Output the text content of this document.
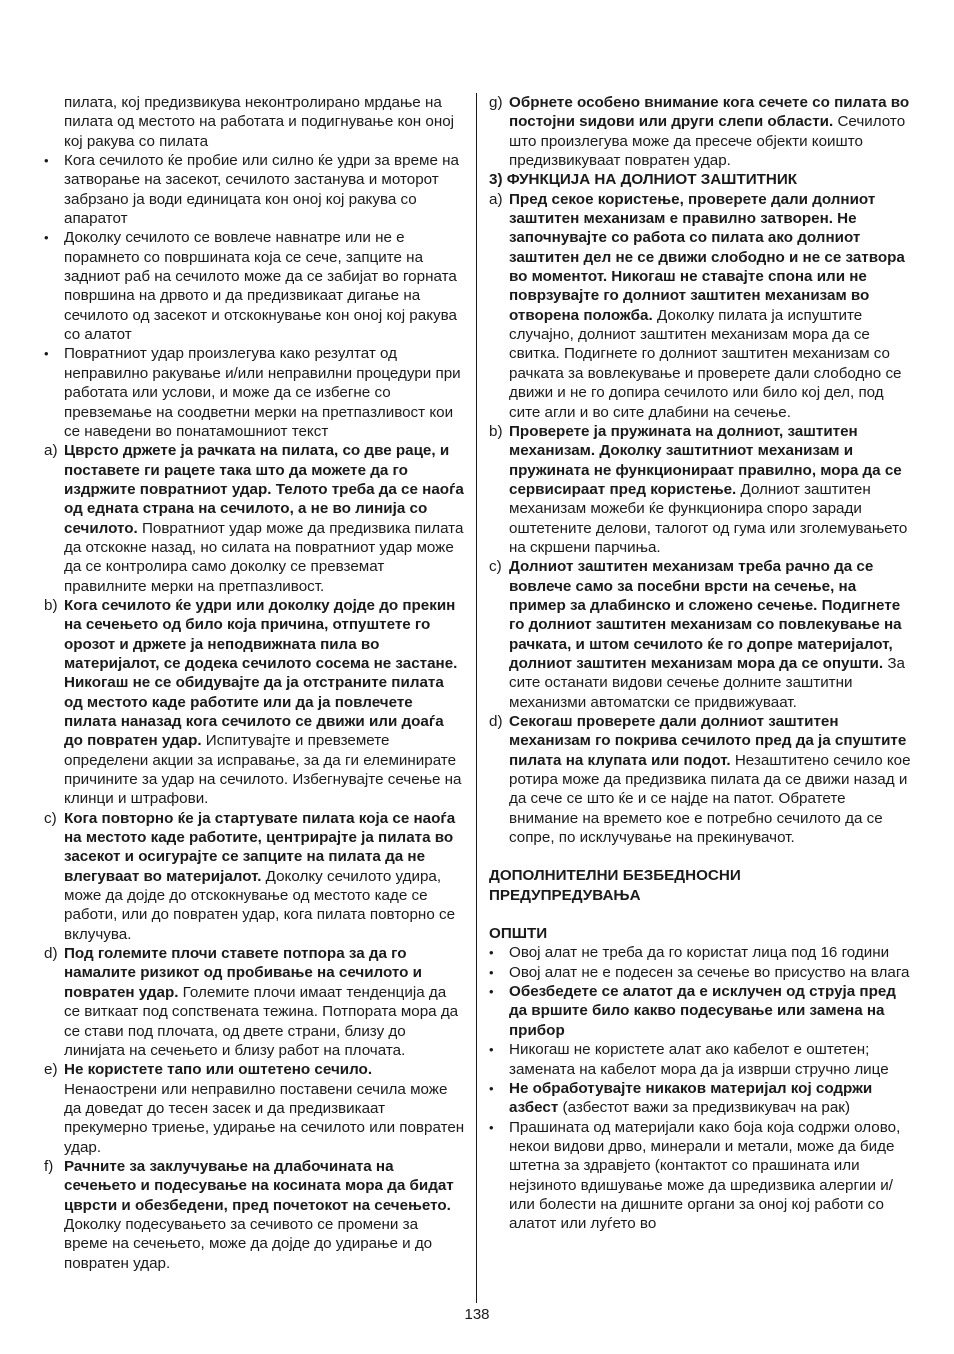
пилата, кој предизвикува неконтролирано мрдање на пилата од местото на работата и подигнување кон оној кој ракува со пилата

•	Кога сечилото ќе пробие или силно ќе удри за време на затворање на засекот, сечилото застанува и моторот забрзано ја води единицата кон оној кој ракува со апаратот
•	Доколку сечилото се вовлече навнатре или не е порамнето со површината која се сече, запците на задниот раб на сечилото може да се забијат во горната површина на дрвото и да предизвикаат дигање на сечилото од засекот и отскокнување кон оној кој ракува со алатот
•	Повратниот удар произлегува како резултат од неправилно ракување и/или неправилни процедури при работата или услови, и може да се избегне со превземање на соодветни мерки на претпазливост кои се наведени во понатамошниот текст
a) Цврсто држете ја рачката на пилата, со две раце, и поставете ги рацете така што да можете да го издржите повратниот удар. Телото треба да се наоѓа од едната страна на сечилото, а не во линија со сечилото. Повратниот удар може да предизвика пилата да отскокне назад, но силата на повратниот удар може да се контролира само доколку се превземат правилните мерки на претпазливост.
b) Кога сечилото ќе удри или доколку дојде до прекин на сечењето од било која причина, отпуштете го орозот и држете ја неподвижната пила во материјалот, се додека сечилото сосема не застане. Никогаш не се обидувајте да ја отстраните пилата од местото каде работите или да ја повлечете пилата наназад кога сечилото се движи или доаѓа до повратен удар. Испитувајте и превземете определени акции за исправање, за да ги елеминирате причините за удар на сечилото. Избегнувајте сечење на клинци и штрафови.
c) Кога повторно ќе ја стартувате пилата која се наоѓа на местото каде работите, центрирајте ја пилата во засекот и осигурајте се запците на пилата да не влегуваат во материјалот. Доколку сечилото удира, може да дојде до отскокнување од местото каде се работи, или до повратен удар, кога пилата повторно се вклучува.
d) Под големите плочи ставете потпора за да го намалите ризикот од пробивање на сечилото и повратен удар. Големите плочи имаат тенденција да се виткаат под сопствената тежина. Потпората мора да се стави под плочата, од двете страни, близу до линијата на сечењето и близу работ на плочата.
e) Не користете тапо или оштетено сечило. Ненаострени или неправилно поставени сечила може да доведат до тесен засек и да предизвикаат прекумерно триење, удирање на сечилото или повратен удар.
f) Рачните за заклучување на длабочината на сечењето и подесување на косината мора да бидат цврсти и обезбедени, пред почетокот на сечењето. Доколку подесувањето за сечивото се промени за време на сечењето, може да дојде до удирање и до повратен удар.
g) Обрнете особено внимание кога сечете со пилата во постојни ѕидови или други слепи области. Сечилото што произлегува може да пресече објекти коишто предизвикуваат повратен удар.

3) ФУНКЦИЈА НА ДОЛНИОТ ЗАШТИТНИК

a) Пред секое користење, проверете дали долниот заштитен механизам е правилно затворен. Не започнувајте со работа со пилата ако долниот заштитен дел не се движи слободно и не се затвора во моментот. Никогаш не ставајте спона или не поврзувајте го долниот заштитен механизам во отворена положба. Доколку пилата ја испуштите случајно, долниот заштитен механизам мора да се свитка. Подигнете го долниот заштитен механизам со рачката за вовлекување и проверете дали слободно се движи и не го допира сечилото или било кој дел, под сите агли и во сите длабини на сечење.
b) Проверете ја пружината на долниот, заштитен механизам. Доколку заштитниот механизам и пружината не функционираат правилно, мора да се сервисираат пред користење. Долниот заштитен механизам можеби ќе функционира споро заради оштетените делови, талогот од гума или зголемувањето на скршени парчиња.
c) Долниот заштитен механизам треба рачно да се вовлече само за посебни врсти на сечење, на пример за длабинско и сложено сечење. Подигнете го долниот заштитен механизам со повлекување на рачката, и штом сечилото ќе го допре материјалот, долниот заштитен механизам мора да се опушти. За сите останати видови сечење долните заштитни механизми автоматски се придвижуваат.
d) Секогаш проверете дали долниот заштитен механизам го покрива сечилото пред да ја спуштите пилата на клупата или подот. Незаштитено сечило кое ротира може да предизвика пилата да се движи назад и да сече се што ќе и се најде на патот. Обратете внимание на времето кое е потребно сечилото да се сопре, по исклучување на прекинувачот.

ДОПОЛНИТЕЛНИ БЕЗБЕДНОСНИ
ПРЕДУПРЕДУВАЊА

ОПШТИ

•	Овој алат не треба да го користат лица под 16 години
•	Овој алат не е подесен за сечење во присуство на влага
•	Обезбедете се алатот да е исклучен од струја пред да вршите било какво подесување или замена на прибор
•	Никогаш не користете алат ако кабелот е оштетен; замената на кабелот мора да ја изврши стручно лице
•	Не обработувајте никаков материјал кој содржи азбест (азбестот важи за предизвикувач на рак)
•	Прашината од материјали како боја која содржи олово, некои видови дрво, минерали и метали, може да биде штетна за здравјето (контактот со прашината или нејзиното вдишување може да шредизвика алергии и/или болести на дишните органи за оној кој работи со алатот или луѓето во
138
